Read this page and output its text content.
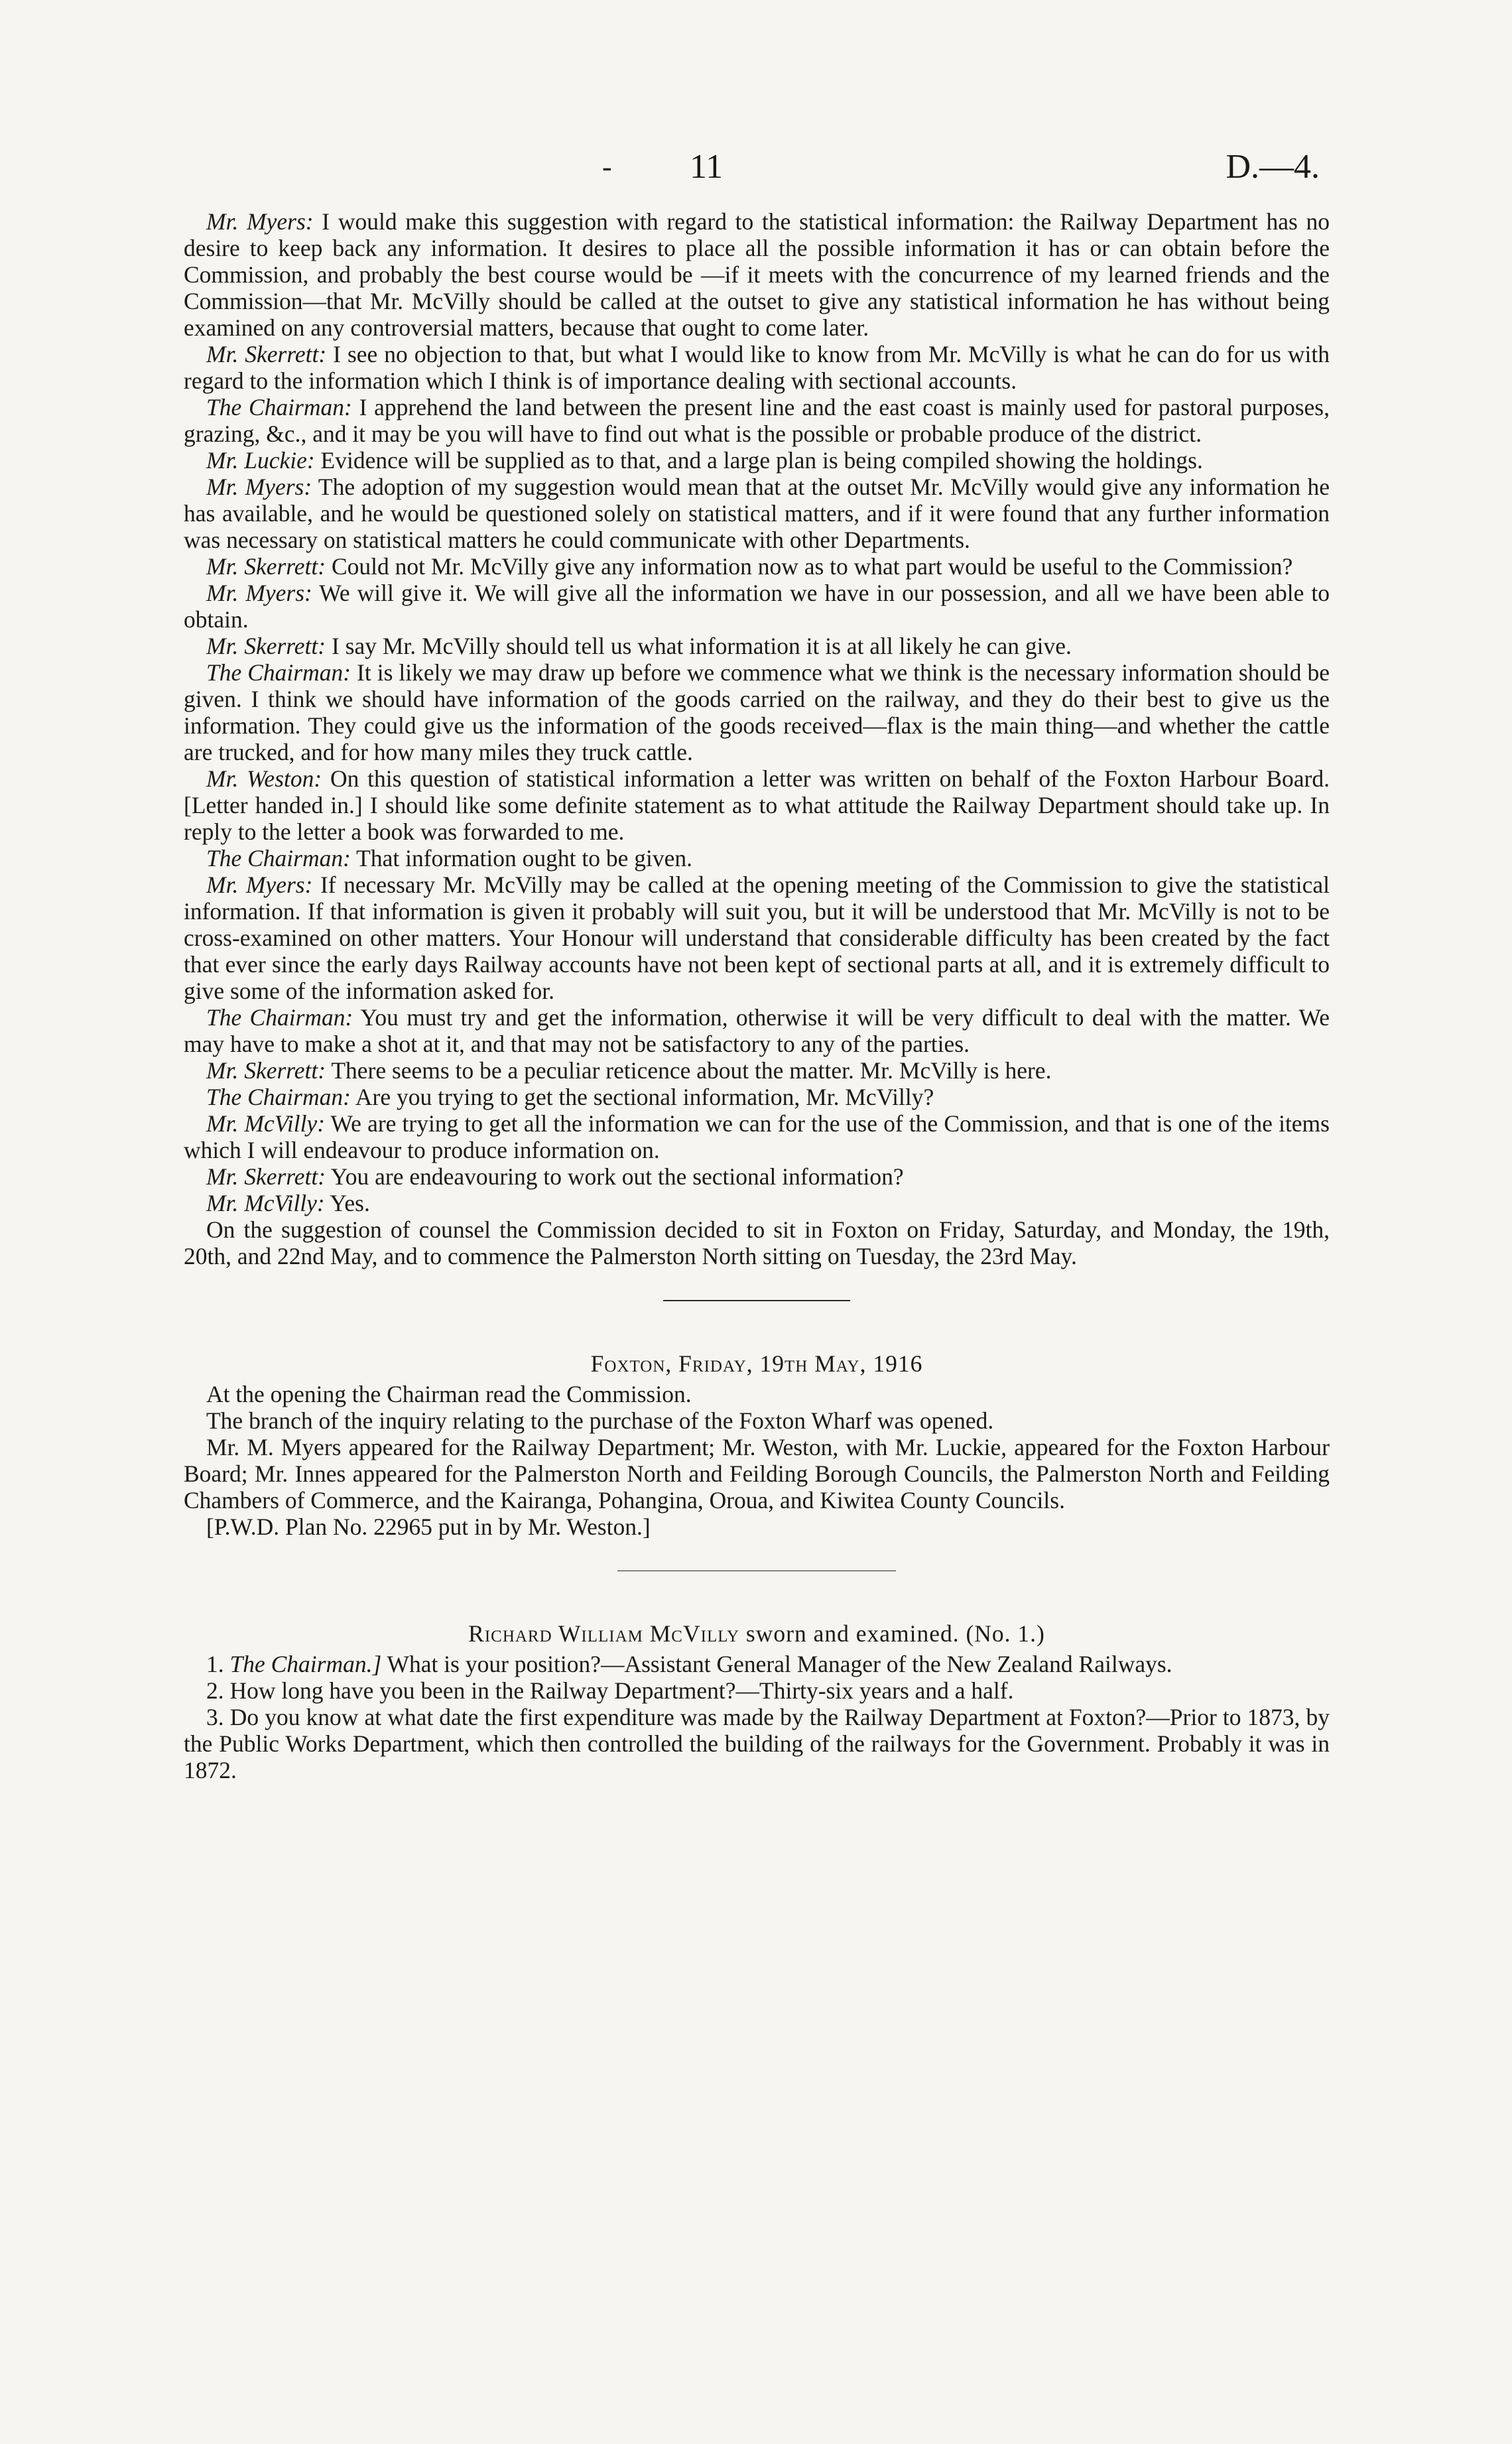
- 11	D.—4.

Mr. Myers: I would make this suggestion with regard to the statistical information: the Railway Department has no desire to keep back any information. It desires to place all the possible information it has or can obtain before the Commission, and probably the best course would be —if it meets with the concurrence of my learned friends and the Commission—that Mr. McVilly should be called at the outset to give any statistical information he has without being examined on any controversial matters, because that ought to come later.

Mr. Skerrett: I see no objection to that, but what I would like to know from Mr. McVilly is what he can do for us with regard to the information which I think is of importance dealing with sectional accounts.

The Chairman: I apprehend the land between the present line and the east coast is mainly used for pastoral purposes, grazing, &c., and it may be you will have to find out what is the possible or probable produce of the district.

Mr. Luckie: Evidence will be supplied as to that, and a large plan is being compiled showing the holdings.

Mr. Myers: The adoption of my suggestion would mean that at the outset Mr. McVilly would give any information he has available, and he would be questioned solely on statistical matters, and if it were found that any further information was necessary on statistical matters he could communicate with other Departments.

Mr. Skerrett: Could not Mr. McVilly give any information now as to what part would be useful to the Commission?

Mr. Myers: We will give it. We will give all the information we have in our possession, and all we have been able to obtain.

Mr. Skerrett: I say Mr. McVilly should tell us what information it is at all likely he can give.

The Chairman: It is likely we may draw up before we commence what we think is the necessary information should be given. I think we should have information of the goods carried on the railway, and they do their best to give us the information. They could give us the information of the goods received—flax is the main thing—and whether the cattle are trucked, and for how many miles they truck cattle.

Mr. Weston: On this question of statistical information a letter was written on behalf of the Foxton Harbour Board. [Letter handed in.] I should like some definite statement as to what attitude the Railway Department should take up. In reply to the letter a book was forwarded to me.

The Chairman: That information ought to be given.

Mr. Myers: If necessary Mr. McVilly may be called at the opening meeting of the Commission to give the statistical information. If that information is given it probably will suit you, but it will be understood that Mr. McVilly is not to be cross-examined on other matters. Your Honour will understand that considerable difficulty has been created by the fact that ever since the early days Railway accounts have not been kept of sectional parts at all, and it is extremely difficult to give some of the information asked for.

The Chairman: You must try and get the information, otherwise it will be very difficult to deal with the matter. We may have to make a shot at it, and that may not be satisfactory to any of the parties.

Mr. Skerrett: There seems to be a peculiar reticence about the matter. Mr. McVilly is here.

The Chairman: Are you trying to get the sectional information, Mr. McVilly?

Mr. McVilly: We are trying to get all the information we can for the use of the Commission, and that is one of the items which I will endeavour to produce information on.

Mr. Skerrett: You are endeavouring to work out the sectional information?

Mr. McVilly: Yes.

On the suggestion of counsel the Commission decided to sit in Foxton on Friday, Saturday, and Monday, the 19th, 20th, and 22nd May, and to commence the Palmerston North sitting on Tuesday, the 23rd May.

Foxton, Friday, 19th May, 1916

At the opening the Chairman read the Commission.

The branch of the inquiry relating to the purchase of the Foxton Wharf was opened.

Mr. M. Myers appeared for the Railway Department; Mr. Weston, with Mr. Luckie, appeared for the Foxton Harbour Board; Mr. Innes appeared for the Palmerston North and Feilding Borough Councils, the Palmerston North and Feilding Chambers of Commerce, and the Kairanga, Pohangina, Oroua, and Kiwitea County Councils.

[P.W.D. Plan No. 22965 put in by Mr. Weston.]

Richard William McVilly sworn and examined. (No. 1.)

1. The Chairman.] What is your position?—Assistant General Manager of the New Zealand Railways.

2. How long have you been in the Railway Department?—Thirty-six years and a half.

3. Do you know at what date the first expenditure was made by the Railway Department at Foxton?—Prior to 1873, by the Public Works Department, which then controlled the building of the railways for the Government. Probably it was in 1872.
